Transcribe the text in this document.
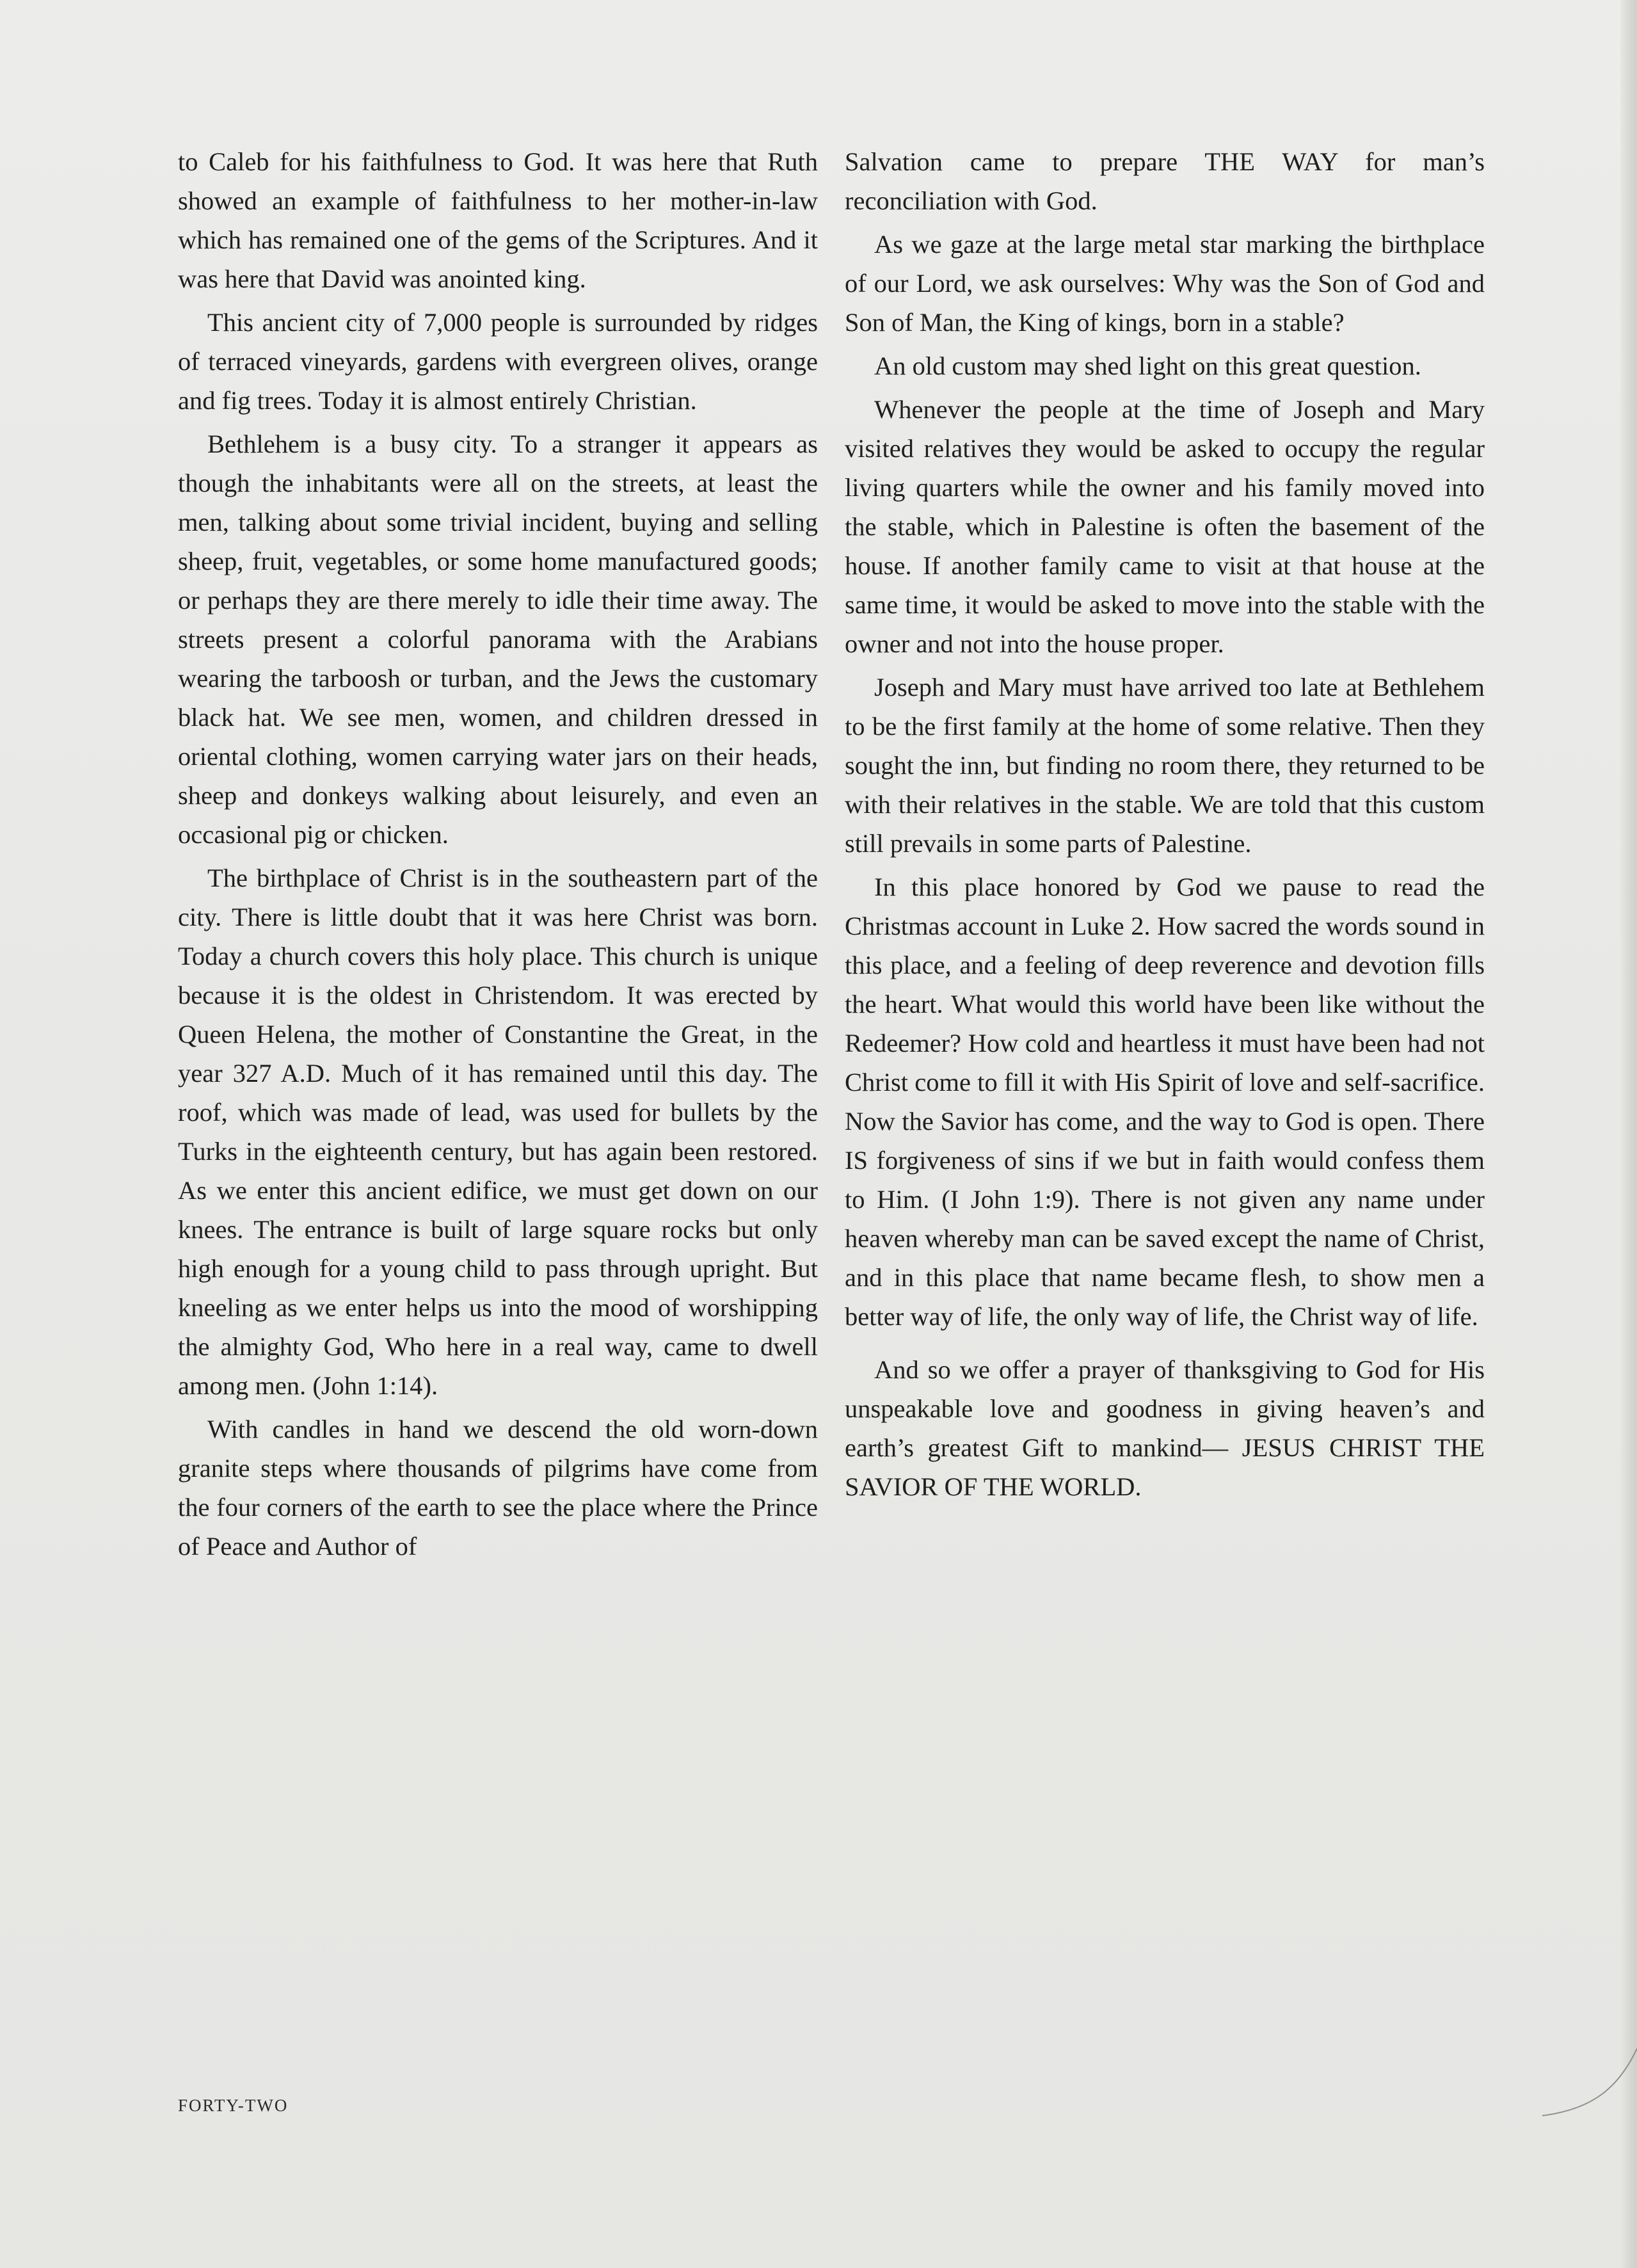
to Caleb for his faithfulness to God. It was here that Ruth showed an example of faithfulness to her mother-in-law which has remained one of the gems of the Scriptures. And it was here that David was anointed king.

This ancient city of 7,000 people is surrounded by ridges of terraced vineyards, gardens with evergreen olives, orange and fig trees. Today it is almost entirely Christian.

Bethlehem is a busy city. To a stranger it appears as though the inhabitants were all on the streets, at least the men, talking about some trivial incident, buying and selling sheep, fruit, vegetables, or some home manufactured goods; or perhaps they are there merely to idle their time away. The streets present a colorful panorama with the Arabians wearing the tarboosh or turban, and the Jews the customary black hat. We see men, women, and children dressed in oriental clothing, women carrying water jars on their heads, sheep and donkeys walking about leisurely, and even an occasional pig or chicken.

The birthplace of Christ is in the southeastern part of the city. There is little doubt that it was here Christ was born. Today a church covers this holy place. This church is unique because it is the oldest in Christendom. It was erected by Queen Helena, the mother of Constantine the Great, in the year 327 A.D. Much of it has remained until this day. The roof, which was made of lead, was used for bullets by the Turks in the eighteenth century, but has again been restored. As we enter this ancient edifice, we must get down on our knees. The entrance is built of large square rocks but only high enough for a young child to pass through upright. But kneeling as we enter helps us into the mood of worshipping the almighty God, Who here in a real way, came to dwell among men. (John 1:14).

With candles in hand we descend the old worn-down granite steps where thousands of pilgrims have come from the four corners of the earth to see the place where the Prince of Peace and Author of

Salvation came to prepare THE WAY for man’s reconciliation with God.

As we gaze at the large metal star marking the birthplace of our Lord, we ask ourselves: Why was the Son of God and Son of Man, the King of kings, born in a stable?

An old custom may shed light on this great question.

Whenever the people at the time of Joseph and Mary visited relatives they would be asked to occupy the regular living quarters while the owner and his family moved into the stable, which in Palestine is often the basement of the house. If another family came to visit at that house at the same time, it would be asked to move into the stable with the owner and not into the house proper.

Joseph and Mary must have arrived too late at Bethlehem to be the first family at the home of some relative. Then they sought the inn, but finding no room there, they returned to be with their relatives in the stable. We are told that this custom still prevails in some parts of Palestine.

In this place honored by God we pause to read the Christmas account in Luke 2. How sacred the words sound in this place, and a feeling of deep reverence and devotion fills the heart. What would this world have been like without the Redeemer? How cold and heartless it must have been had not Christ come to fill it with His Spirit of love and self-sacrifice. Now the Savior has come, and the way to God is open. There IS forgiveness of sins if we but in faith would confess them to Him. (I John 1:9). There is not given any name under heaven whereby man can be saved except the name of Christ, and in this place that name became flesh, to show men a better way of life, the only way of life, the Christ way of life.

And so we offer a prayer of thanksgiving to God for His unspeakable love and goodness in giving heaven’s and earth’s greatest Gift to mankind— JESUS CHRIST THE SAVIOR OF THE WORLD.

FORTY-TWO
